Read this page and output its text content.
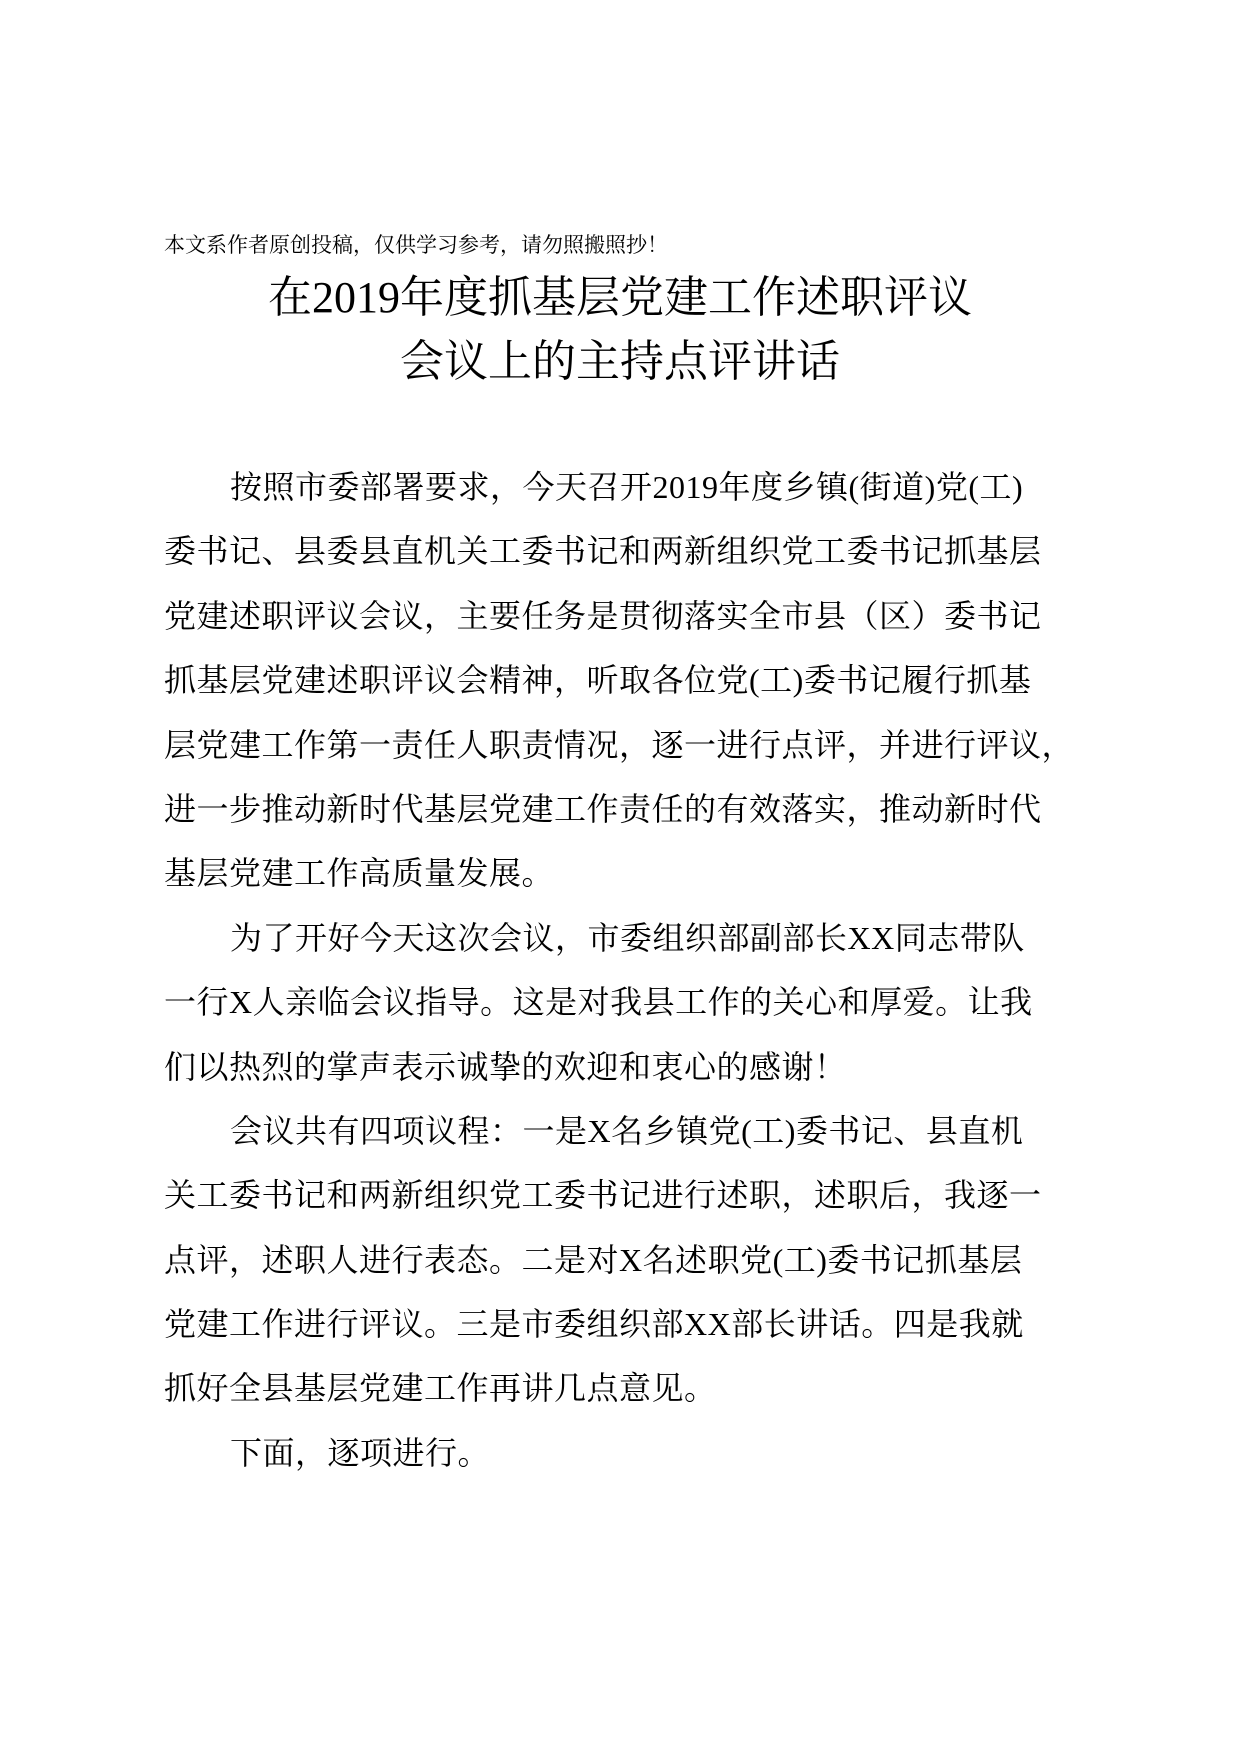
本文系作者原创投稿，仅供学习参考，请勿照搬照抄！
在2019年度抓基层党建工作述职评议
会议上的主持点评讲话
按照市委部署要求，今天召开2019年度乡镇(街道)党(工)
委书记、县委县直机关工委书记和两新组织党工委书记抓基层
党建述职评议会议，主要任务是贯彻落实全市县（区）委书记
抓基层党建述职评议会精神，听取各位党(工)委书记履行抓基
层党建工作第一责任人职责情况，逐一进行点评，并进行评议，
进一步推动新时代基层党建工作责任的有效落实，推动新时代
基层党建工作高质量发展。
为了开好今天这次会议，市委组织部副部长XX同志带队
一行X人亲临会议指导。这是对我县工作的关心和厚爱。让我
们以热烈的掌声表示诚挚的欢迎和衷心的感谢！
会议共有四项议程：一是X名乡镇党(工)委书记、县直机
关工委书记和两新组织党工委书记进行述职，述职后，我逐一
点评，述职人进行表态。二是对X名述职党(工)委书记抓基层
党建工作进行评议。三是市委组织部XX部长讲话。四是我就
抓好全县基层党建工作再讲几点意见。
下面，逐项进行。
